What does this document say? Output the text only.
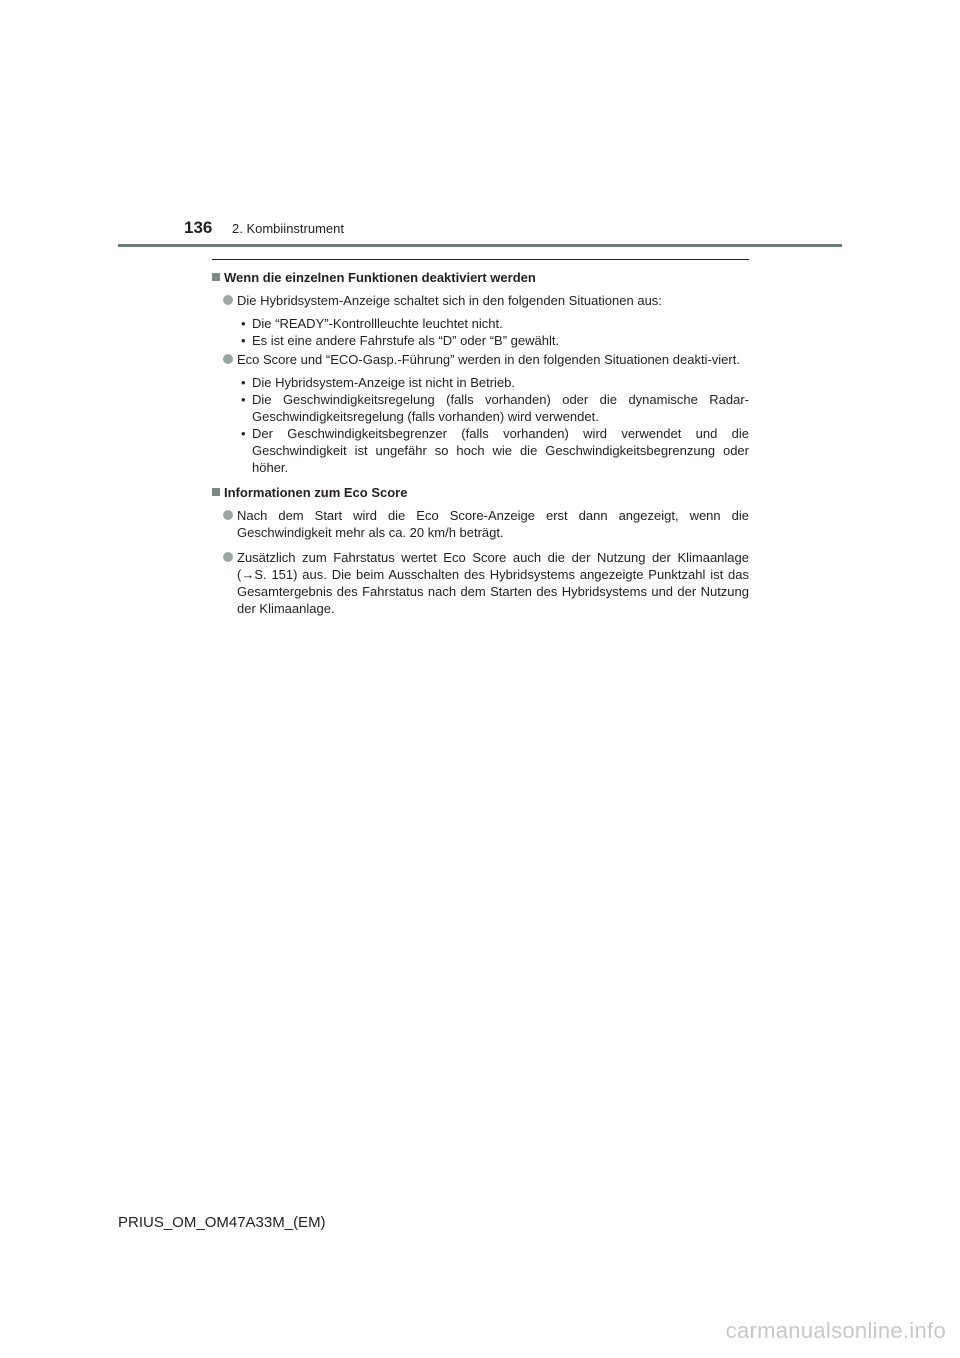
136 2. Kombiinstrument
Wenn die einzelnen Funktionen deaktiviert werden
Die Hybridsystem-Anzeige schaltet sich in den folgenden Situationen aus:
• Die “READY”-Kontrollleuchte leuchtet nicht.
• Es ist eine andere Fahrstufe als “D” oder “B” gewählt.
Eco Score und “ECO-Gasp.-Führung” werden in den folgenden Situationen deakti-viert.
• Die Hybridsystem-Anzeige ist nicht in Betrieb.
• Die Geschwindigkeitsregelung (falls vorhanden) oder die dynamische Radar-Geschwindigkeitsregelung (falls vorhanden) wird verwendet.
• Der Geschwindigkeitsbegrenzer (falls vorhanden) wird verwendet und die Geschwindigkeit ist ungefähr so hoch wie die Geschwindigkeitsbegrenzung oder höher.
Informationen zum Eco Score
Nach dem Start wird die Eco Score-Anzeige erst dann angezeigt, wenn die Geschwindigkeit mehr als ca. 20 km/h beträgt.
Zusätzlich zum Fahrstatus wertet Eco Score auch die der Nutzung der Klimaanlage (→S. 151) aus. Die beim Ausschalten des Hybridsystems angezeigte Punktzahl ist das Gesamtergebnis des Fahrstatus nach dem Starten des Hybridsystems und der Nutzung der Klimaanlage.
PRIUS_OM_OM47A33M_(EM)
carmanualsonline.info
